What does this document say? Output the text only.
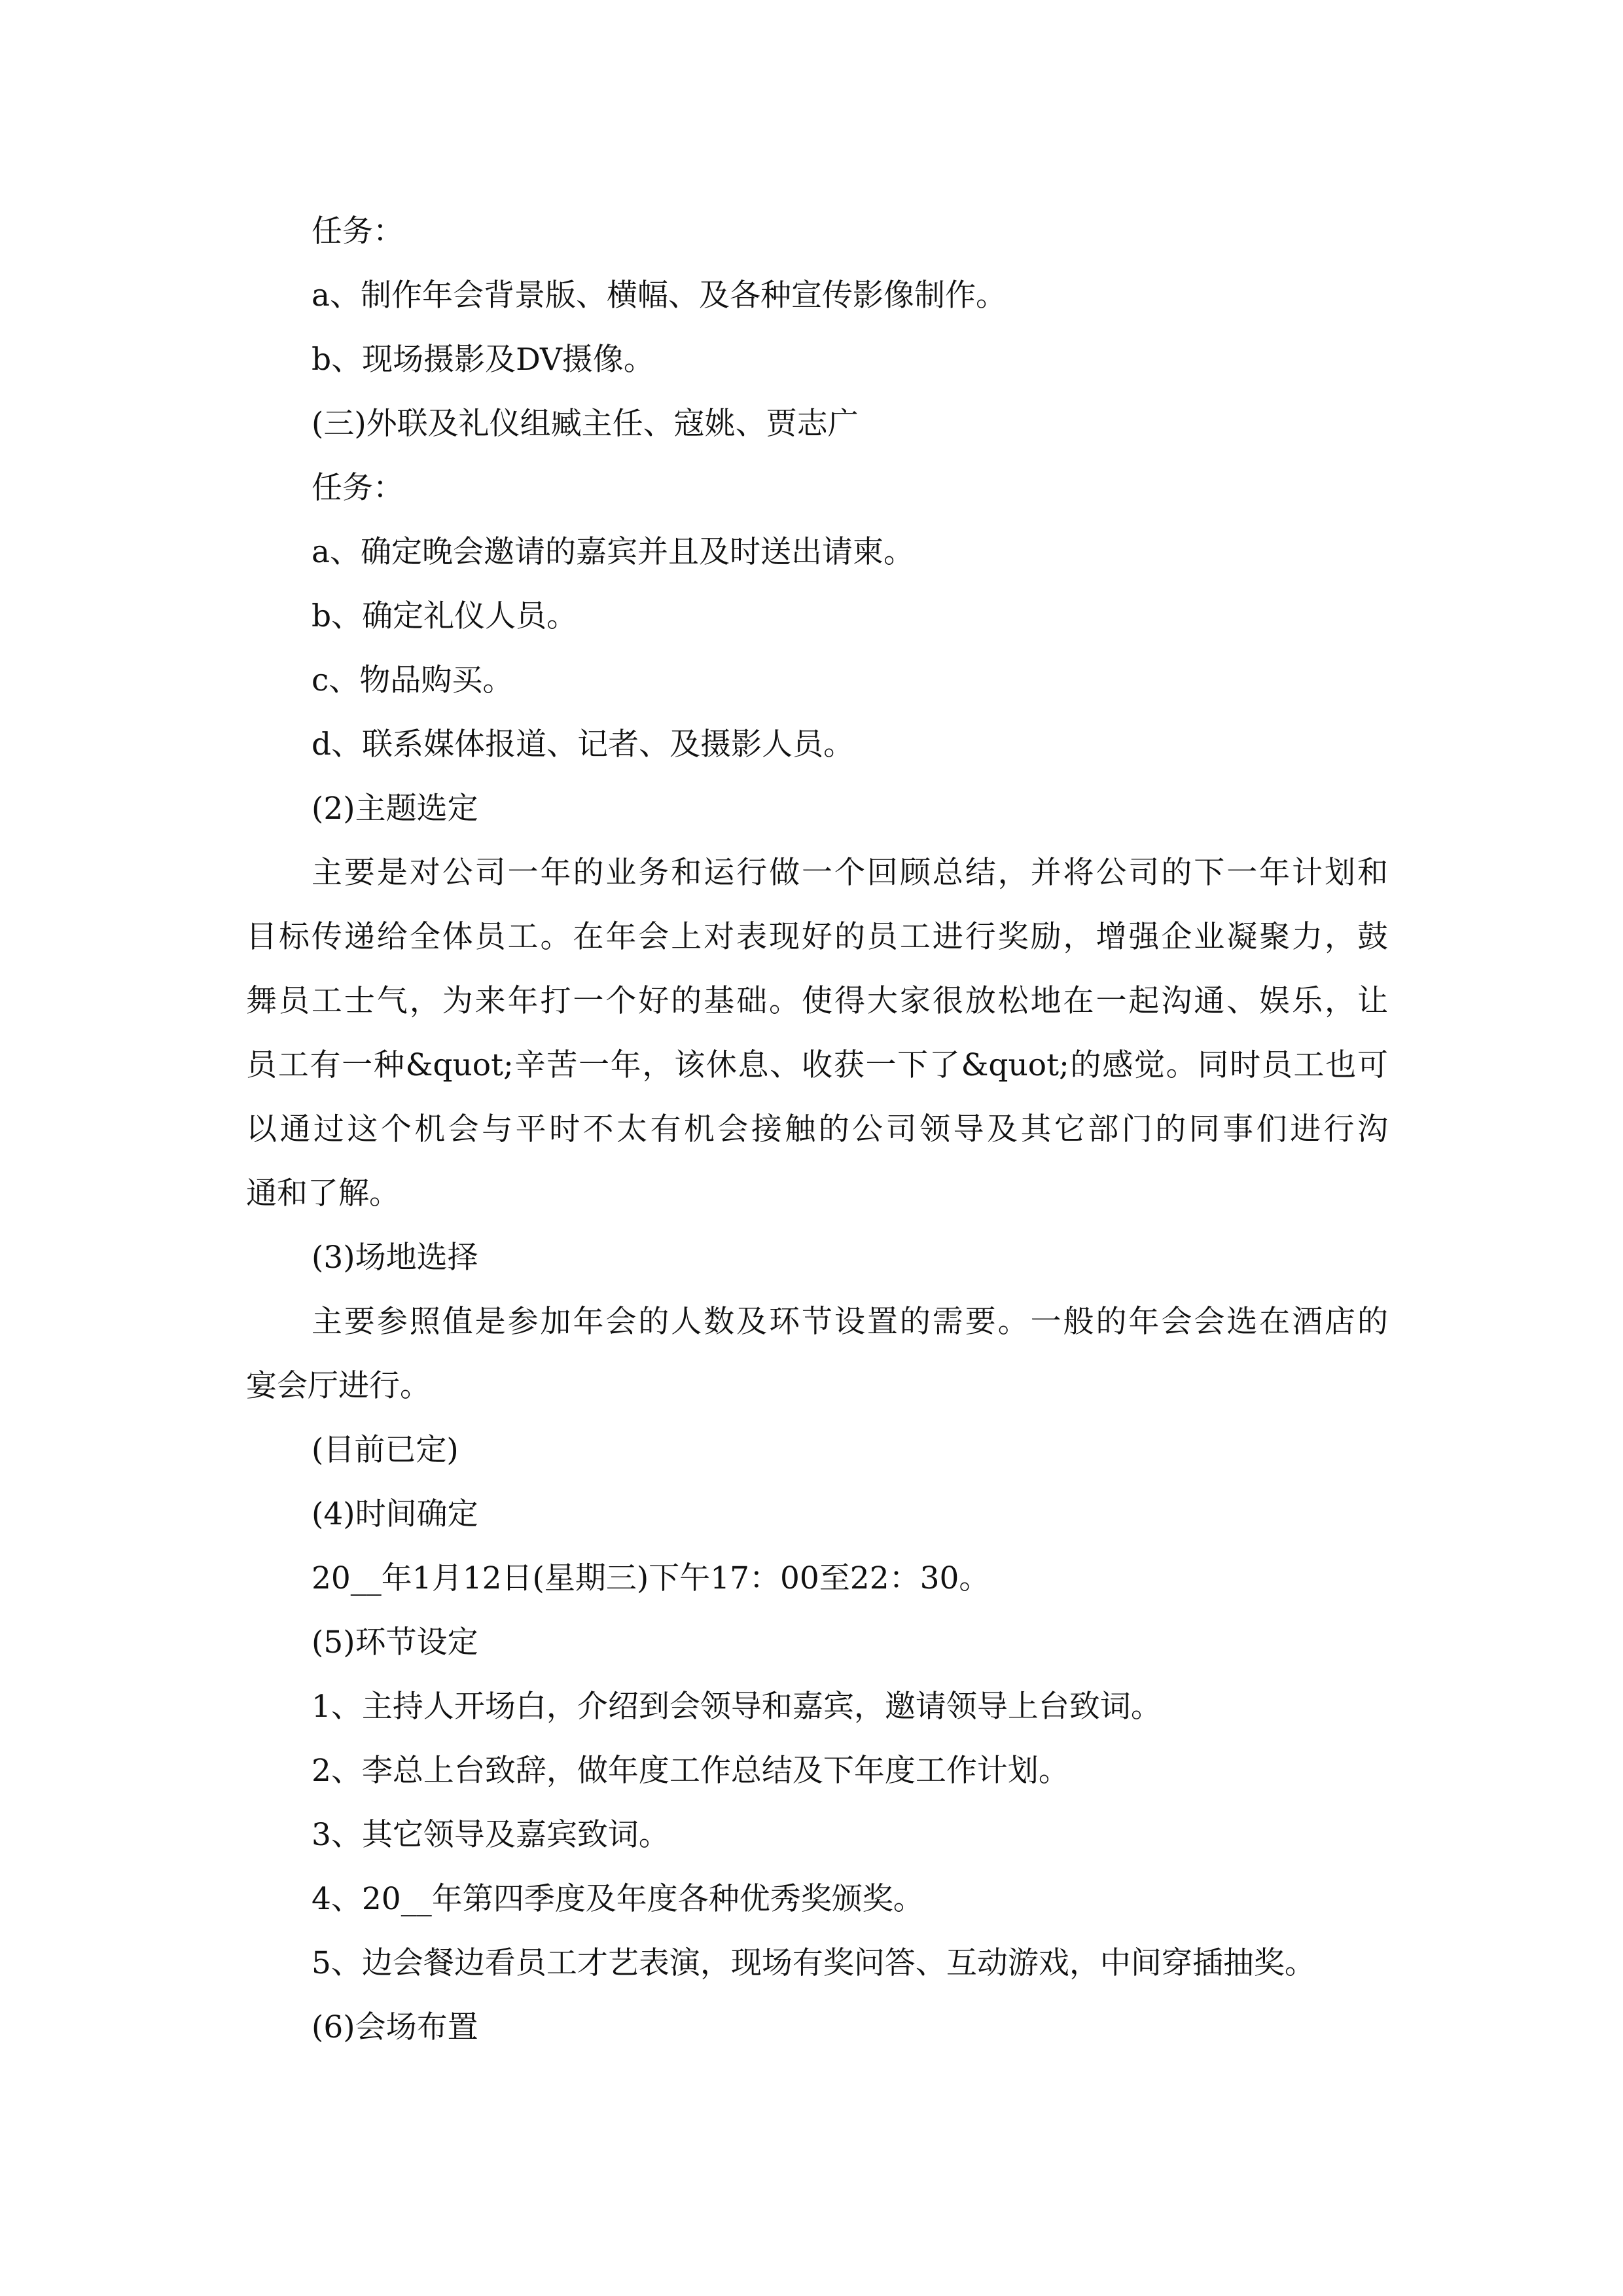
任务：

a、制作年会背景版、横幅、及各种宣传影像制作。

b、现场摄影及DV摄像。

(三)外联及礼仪组臧主任、寇姚、贾志广

任务：

a、确定晚会邀请的嘉宾并且及时送出请柬。

b、确定礼仪人员。

c、物品购买。

d、联系媒体报道、记者、及摄影人员。

(2)主题选定

主要是对公司一年的业务和运行做一个回顾总结，并将公司的下一年计划和

目标传递给全体员工。在年会上对表现好的员工进行奖励，增强企业凝聚力，鼓

舞员工士气，为来年打一个好的基础。使得大家很放松地在一起沟通、娱乐，让

员工有一种&quot;辛苦一年，该休息、收获一下了&quot;的感觉。同时员工也可

以通过这个机会与平时不太有机会接触的公司领导及其它部门的同事们进行沟

通和了解。

(3)场地选择

主要参照值是参加年会的人数及环节设置的需要。一般的年会会选在酒店的

宴会厅进行。

(目前已定)

(4)时间确定

20__年1月12日(星期三)下午17：00至22：30。

(5)环节设定

1、主持人开场白，介绍到会领导和嘉宾，邀请领导上台致词。

2、李总上台致辞，做年度工作总结及下年度工作计划。

3、其它领导及嘉宾致词。

4、20__年第四季度及年度各种优秀奖颁奖。

5、边会餐边看员工才艺表演，现场有奖问答、互动游戏，中间穿插抽奖。

(6)会场布置
